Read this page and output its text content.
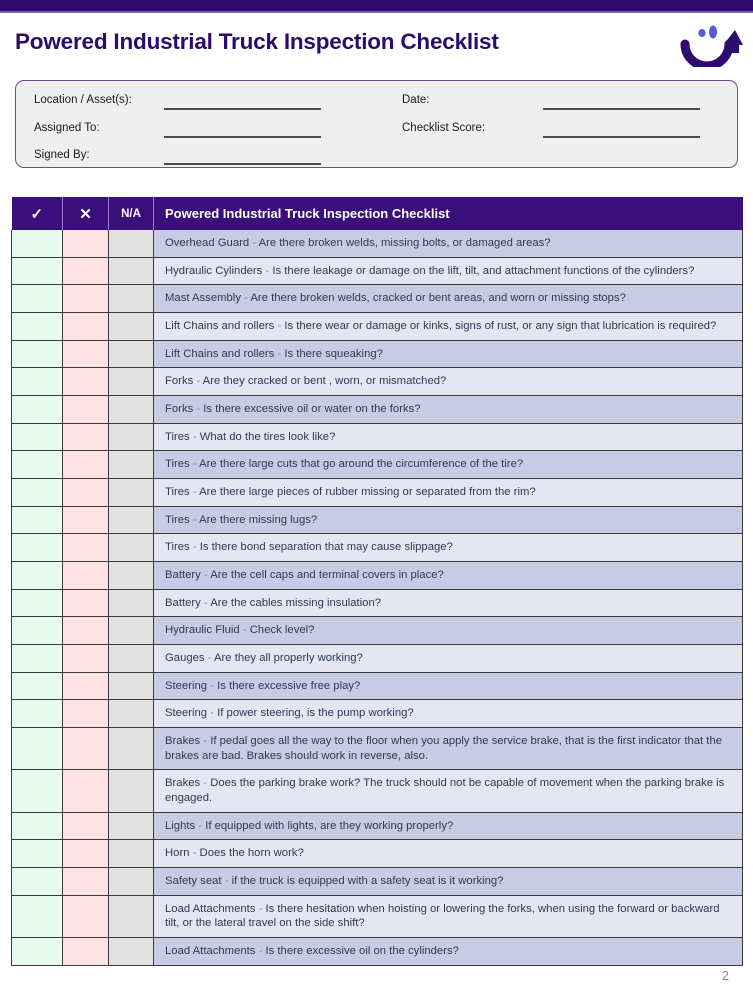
Powered Industrial Truck Inspection Checklist
Location / Asset(s):
Assigned To:
Signed By:
Date:
Checklist Score:
✓	✕	N/A	Powered Industrial Truck Inspection Checklist
			Overhead Guard - Are there broken welds, missing bolts, or damaged areas?
			Hydraulic Cylinders - Is there leakage or damage on the lift, tilt, and attachment functions of the cylinders?
			Mast Assembly - Are there broken welds, cracked or bent areas, and worn or missing stops?
			Lift Chains and rollers - Is there wear or damage or kinks, signs of rust, or any sign that lubrication is required?
			Lift Chains and rollers - Is there squeaking?
			Forks - Are they cracked or bent , worn, or mismatched?
			Forks - Is there excessive oil or water on the forks?
			Tires - What do the tires look like?
			Tires - Are there large cuts that go around the circumference of the tire?
			Tires - Are there large pieces of rubber missing or separated from the rim?
			Tires - Are there missing lugs?
			Tires - Is there bond separation that may cause slippage?
			Battery - Are the cell caps and terminal covers in place?
			Battery - Are the cables missing insulation?
			Hydraulic Fluid - Check level?
			Gauges - Are they all properly working?
			Steering - Is there excessive free play?
			Steering - If power steering, is the pump working?
			Brakes - If pedal goes all the way to the floor when you apply the service brake, that is the first indicator that the brakes are bad. Brakes should work in reverse, also.
			Brakes - Does the parking brake work? The truck should not be capable of movement when the parking brake is engaged.
			Lights - If equipped with lights, are they working properly?
			Horn - Does the horn work?
			Safety seat - if the truck is equipped with a safety seat is it working?
			Load Attachments - Is there hesitation when hoisting or lowering the forks, when using the forward or backward tilt, or the lateral travel on the side shift?
			Load Attachments - Is there excessive oil on the cylinders?
2
